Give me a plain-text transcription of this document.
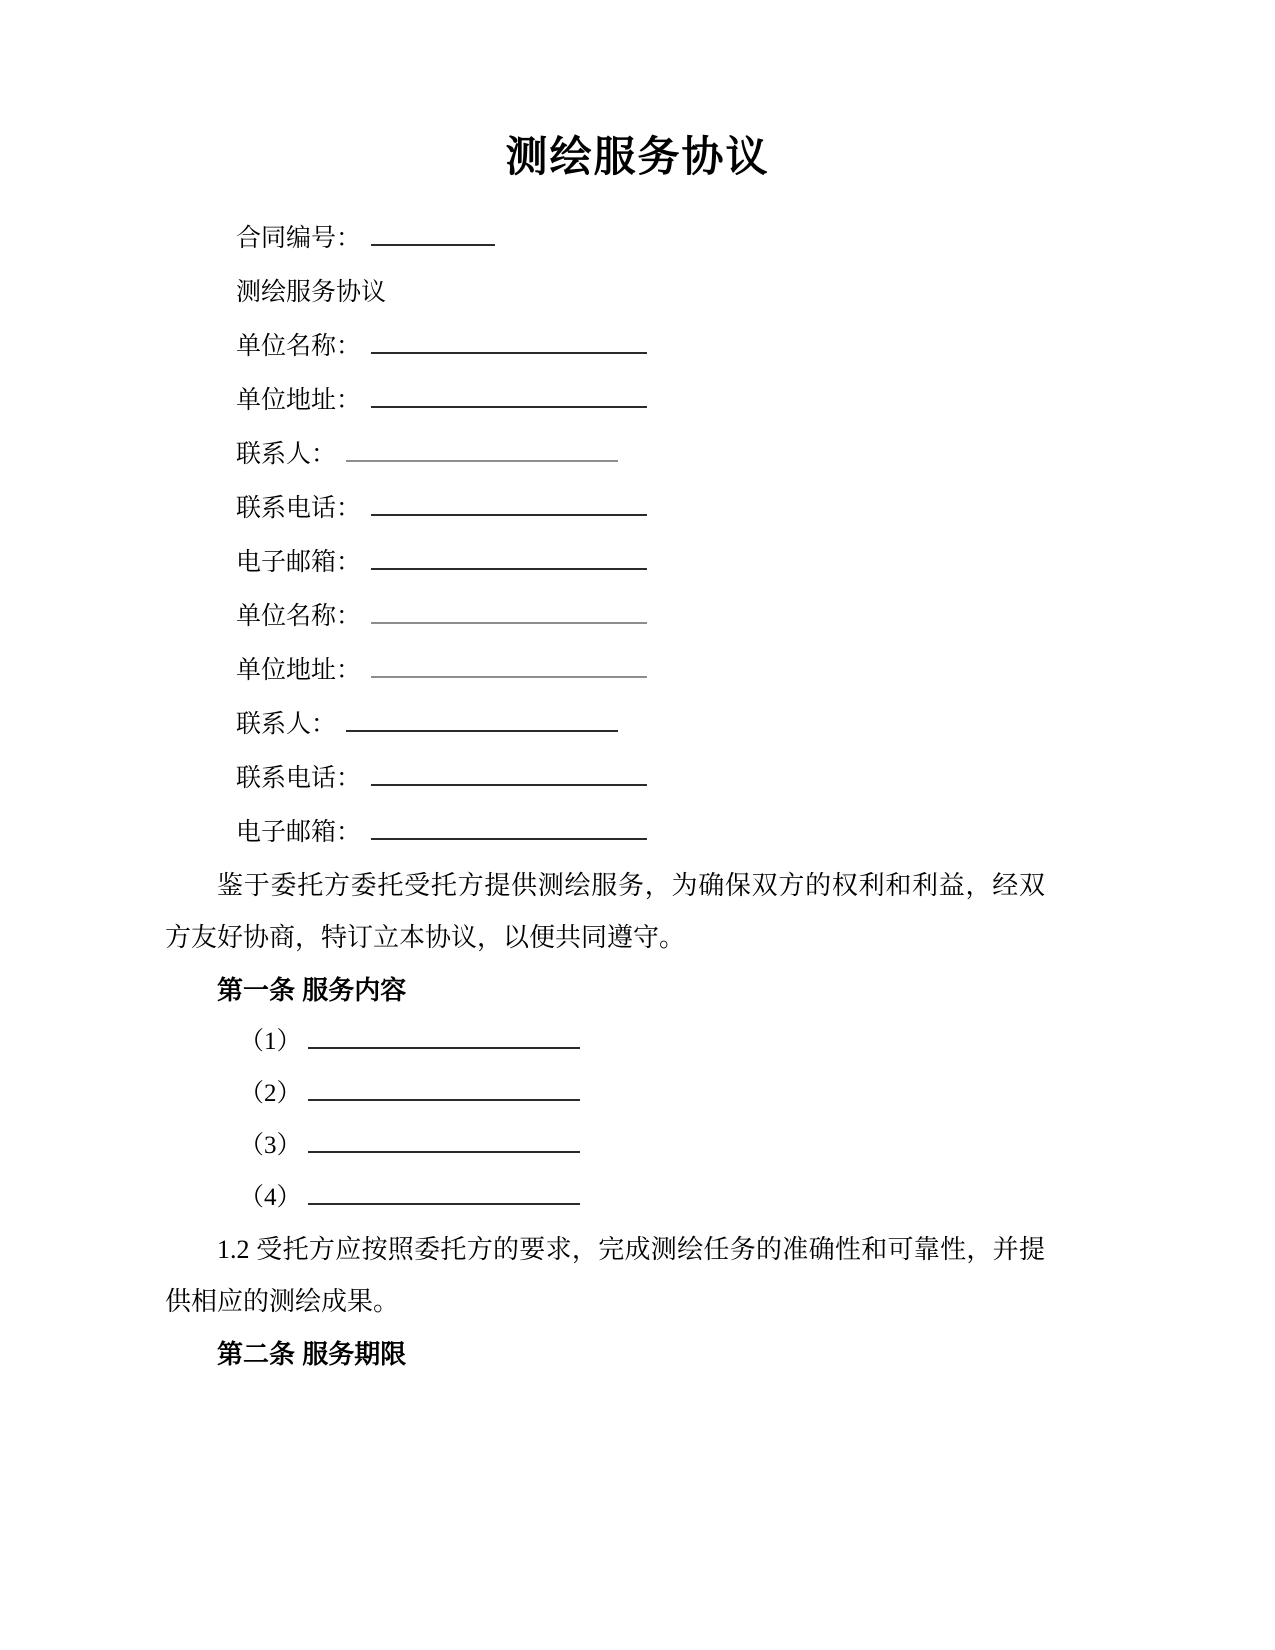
测绘服务协议
合同编号：
测绘服务协议
单位名称：
单位地址：
联系人：
联系电话：
电子邮箱：
单位名称：
单位地址：
联系人：
联系电话：
电子邮箱：

鉴于委托方委托受托方提供测绘服务，为确保双方的权利和利益，经双方友好协商，特订立本协议，以便共同遵守。

第一条 服务内容
（1）
（2）
（3）
（4）

1.2 受托方应按照委托方的要求，完成测绘任务的准确性和可靠性，并提供相应的测绘成果。

第二条 服务期限
